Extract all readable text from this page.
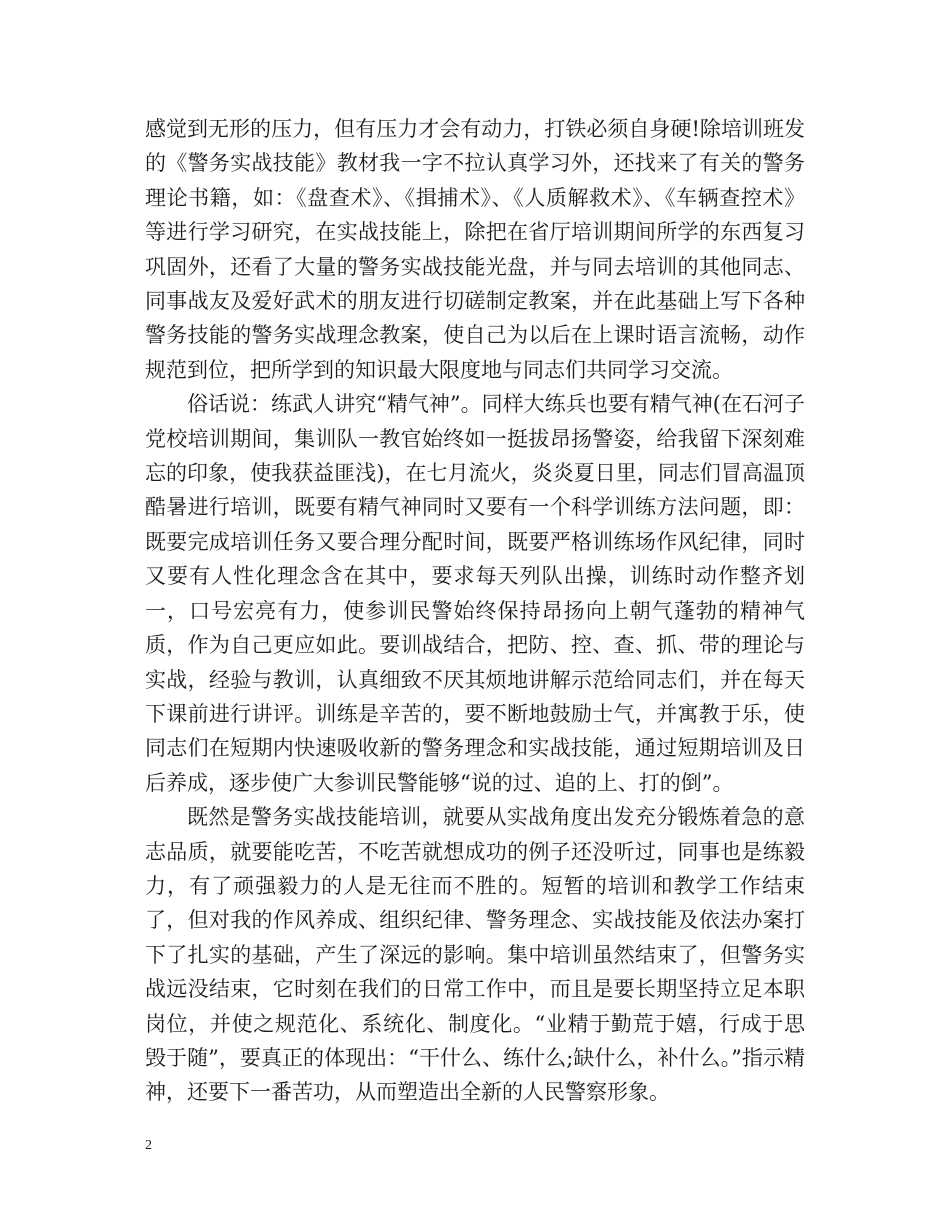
感觉到无形的压力，但有压力才会有动力，打铁必须自身硬!除培训班发的《警务实战技能》教材我一字不拉认真学习外，还找来了有关的警务理论书籍，如：《盘查术》、《揖捕术》、《人质解救术》、《车辆查控术》等进行学习研究，在实战技能上，除把在省厅培训期间所学的东西复习巩固外，还看了大量的警务实战技能光盘，并与同去培训的其他同志、同事战友及爱好武术的朋友进行切磋制定教案，并在此基础上写下各种警务技能的警务实战理念教案，使自己为以后在上课时语言流畅，动作规范到位，把所学到的知识最大限度地与同志们共同学习交流。

俗话说：练武人讲究“精气神”。同样大练兵也要有精气神(在石河子党校培训期间，集训队一教官始终如一挺拔昂扬警姿，给我留下深刻难忘的印象，使我获益匪浅)，在七月流火，炎炎夏日里，同志们冒高温顶酷暑进行培训，既要有精气神同时又要有一个科学训练方法问题，即：既要完成培训任务又要合理分配时间，既要严格训练场作风纪律，同时又要有人性化理念含在其中，要求每天列队出操，训练时动作整齐划一，口号宏亮有力，使参训民警始终保持昂扬向上朝气蓬勃的精神气质，作为自己更应如此。要训战结合，把防、控、查、抓、带的理论与实战，经验与教训，认真细致不厌其烦地讲解示范给同志们，并在每天下课前进行讲评。训练是辛苦的，要不断地鼓励士气，并寓教于乐，使同志们在短期内快速吸收新的警务理念和实战技能，通过短期培训及日后养成，逐步使广大参训民警能够“说的过、追的上、打的倒”。

既然是警务实战技能培训，就要从实战角度出发充分锻炼着急的意志品质，就要能吃苦，不吃苦就想成功的例子还没听过，同事也是练毅力，有了顽强毅力的人是无往而不胜的。短暂的培训和教学工作结束了，但对我的作风养成、组织纪律、警务理念、实战技能及依法办案打下了扎实的基础，产生了深远的影响。集中培训虽然结束了，但警务实战远没结束，它时刻在我们的日常工作中，而且是要长期坚持立足本职岗位，并使之规范化、系统化、制度化。“业精于勤荒于嬉，行成于思毁于随”，要真正的体现出：“干什么、练什么;缺什么，补什么。”指示精神，还要下一番苦功，从而塑造出全新的人民警察形象。

2
